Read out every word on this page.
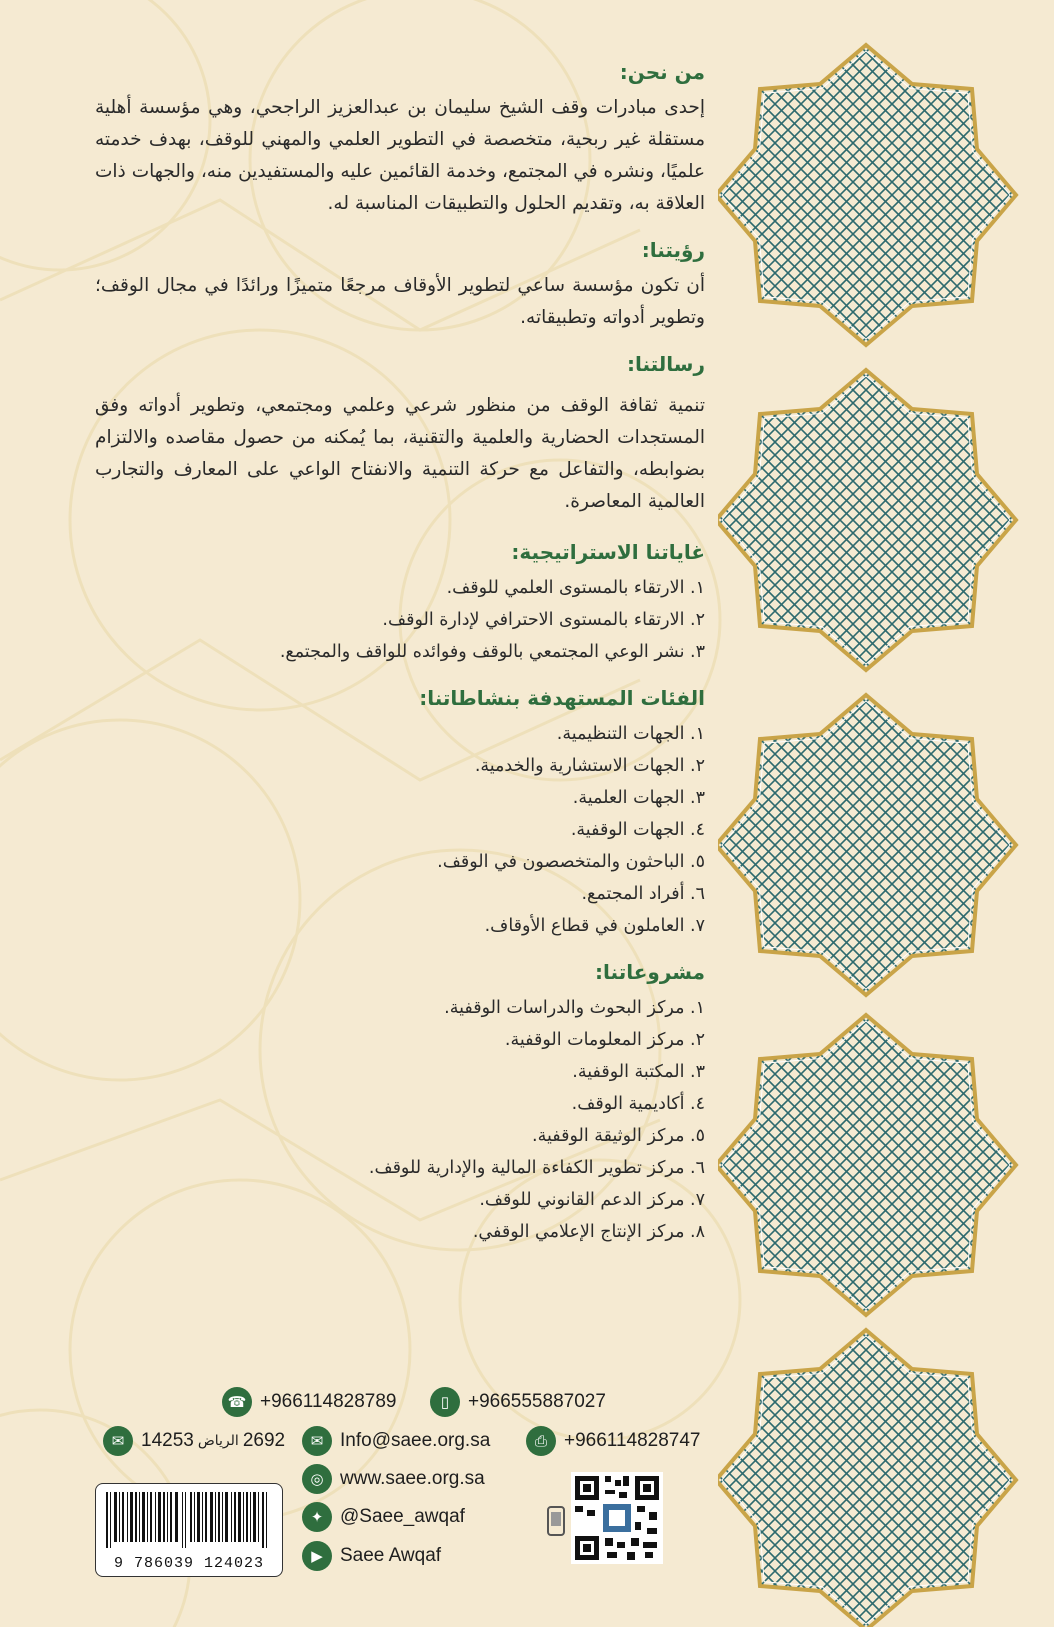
من نحن:

إحدى مبادرات وقف الشيخ سليمان بن عبدالعزيز الراجحي، وهي مؤسسة أهلية مستقلة غير ربحية، متخصصة في التطوير العلمي والمهني للوقف، بهدف خدمته علميًا، ونشره في المجتمع، وخدمة القائمين عليه والمستفيدين منه، والجهات ذات العلاقة به، وتقديم الحلول والتطبيقات المناسبة له.

رؤيتنا:

أن تكون مؤسسة ساعي لتطوير الأوقاف مرجعًا متميزًا ورائدًا في مجال الوقف؛ وتطوير أدواته وتطبيقاته.

رسالتنا:

تنمية ثقافة الوقف من منظور شرعي وعلمي ومجتمعي، وتطوير أدواته وفق المستجدات الحضارية والعلمية والتقنية، بما يُمكنه من حصول مقاصده والالتزام بضوابطه، والتفاعل مع حركة التنمية والانفتاح الواعي على المعارف والتجارب العالمية المعاصرة.

غاياتنا الاستراتيجية:
١. الارتقاء بالمستوى العلمي للوقف.
٢. الارتقاء بالمستوى الاحترافي لإدارة الوقف.
٣. نشر الوعي المجتمعي بالوقف وفوائده للواقف والمجتمع.
الفئات المستهدفة بنشاطاتنا:
١. الجهات التنظيمية.
٢. الجهات الاستشارية والخدمية.
٣. الجهات العلمية.
٤. الجهات الوقفية.
٥. الباحثون والمتخصصون في الوقف.
٦. أفراد المجتمع.
٧. العاملون في قطاع الأوقاف.
مشروعاتنا:
١. مركز البحوث والدراسات الوقفية.
٢. مركز المعلومات الوقفية.
٣. المكتبة الوقفية.
٤. أكاديمية الوقف.
٥. مركز الوثيقة الوقفية.
٦. مركز تطوير الكفاءة المالية والإدارية للوقف.
٧. مركز الدعم القانوني للوقف.
٨. مركز الإنتاج الإعلامي الوقفي.
☎ +966114828789	▯ +966555887027
✉ 14253 الرياض 2692	✉ Info@saee.org.sa	⎙ +966114828747
◎ www.saee.org.sa
✦ @Saee_awqaf
▶ Saee Awqaf
9 786039 124023
